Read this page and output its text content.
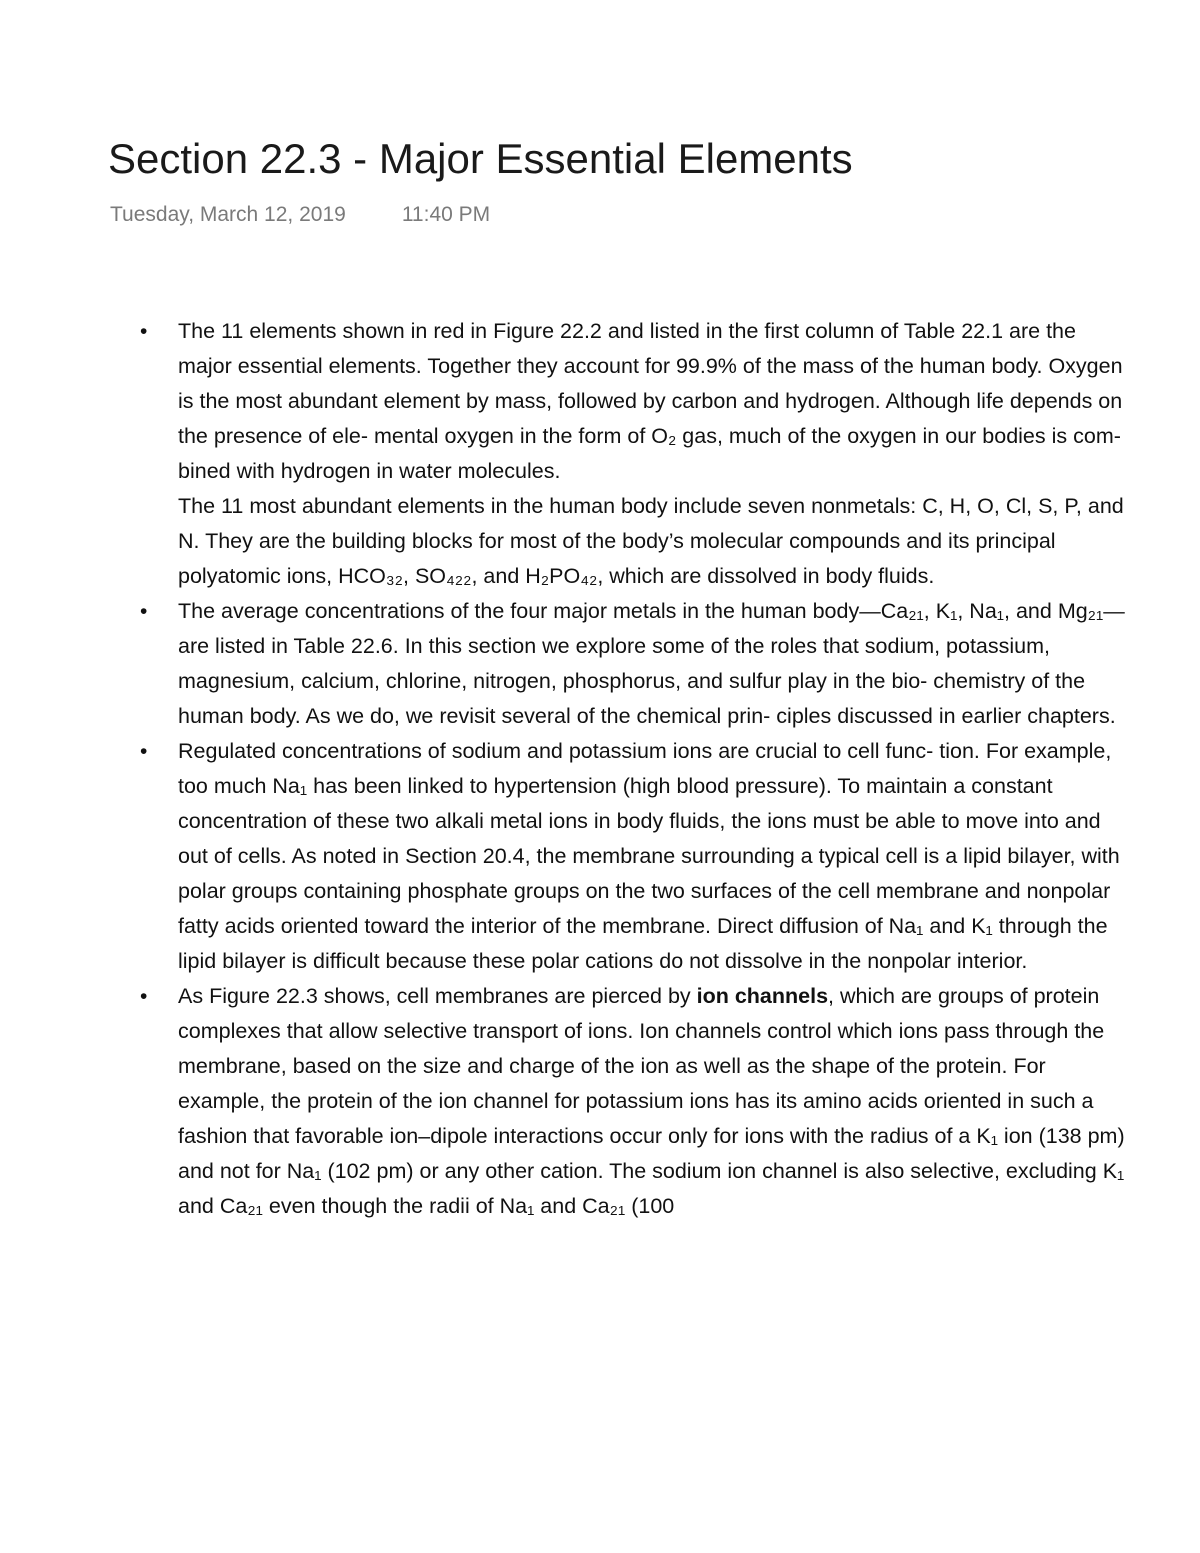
Section 22.3 - Major Essential Elements
Tuesday, March 12, 2019	11:40 PM
• The 11 elements shown in red in Figure 22.2 and listed in the first column of Table 22.1 are the major essential elements. Together they account for 99.9% of the mass of the human body. Oxygen is the most abundant element by mass, followed by carbon and hydrogen. Although life depends on the presence of ele- mental oxygen in the form of O₂ gas, much of the oxygen in our bodies is com- bined with hydrogen in water molecules.

The 11 most abundant elements in the human body include seven nonmetals: C, H, O, Cl, S, P, and N. They are the building blocks for most of the body’s molecular compounds and its principal polyatomic ions, HCO₃₂, SO₄₂₂, and H₂PO₄₂, which are dissolved in body fluids.

• The average concentrations of the four major metals in the human body—Ca₂₁, K₁, Na₁, and Mg₂₁—are listed in Table 22.6. In this section we explore some of the roles that sodium, potassium, magnesium, calcium, chlorine, nitrogen, phosphorus, and sulfur play in the bio- chemistry of the human body. As we do, we revisit several of the chemical prin- ciples discussed in earlier chapters.

• Regulated concentrations of sodium and potassium ions are crucial to cell func- tion. For example, too much Na₁ has been linked to hypertension (high blood pressure). To maintain a constant concentration of these two alkali metal ions in body fluids, the ions must be able to move into and out of cells. As noted in Section 20.4, the membrane surrounding a typical cell is a lipid bilayer, with polar groups containing phosphate groups on the two surfaces of the cell membrane and nonpolar fatty acids oriented toward the interior of the membrane. Direct diffusion of Na₁ and K₁ through the lipid bilayer is difficult because these polar cations do not dissolve in the nonpolar interior.

• As Figure 22.3 shows, cell membranes are pierced by ion channels, which are groups of protein complexes that allow selective transport of ions. Ion channels control which ions pass through the membrane, based on the size and charge of the ion as well as the shape of the protein. For example, the protein of the ion channel for potassium ions has its amino acids oriented in such a fashion that favorable ion–dipole interactions occur only for ions with the radius of a K₁ ion (138 pm) and not for Na₁ (102 pm) or any other cation. The sodium ion channel is also selective, excluding K₁ and Ca₂₁ even though the radii of Na₁ and Ca₂₁ (100
